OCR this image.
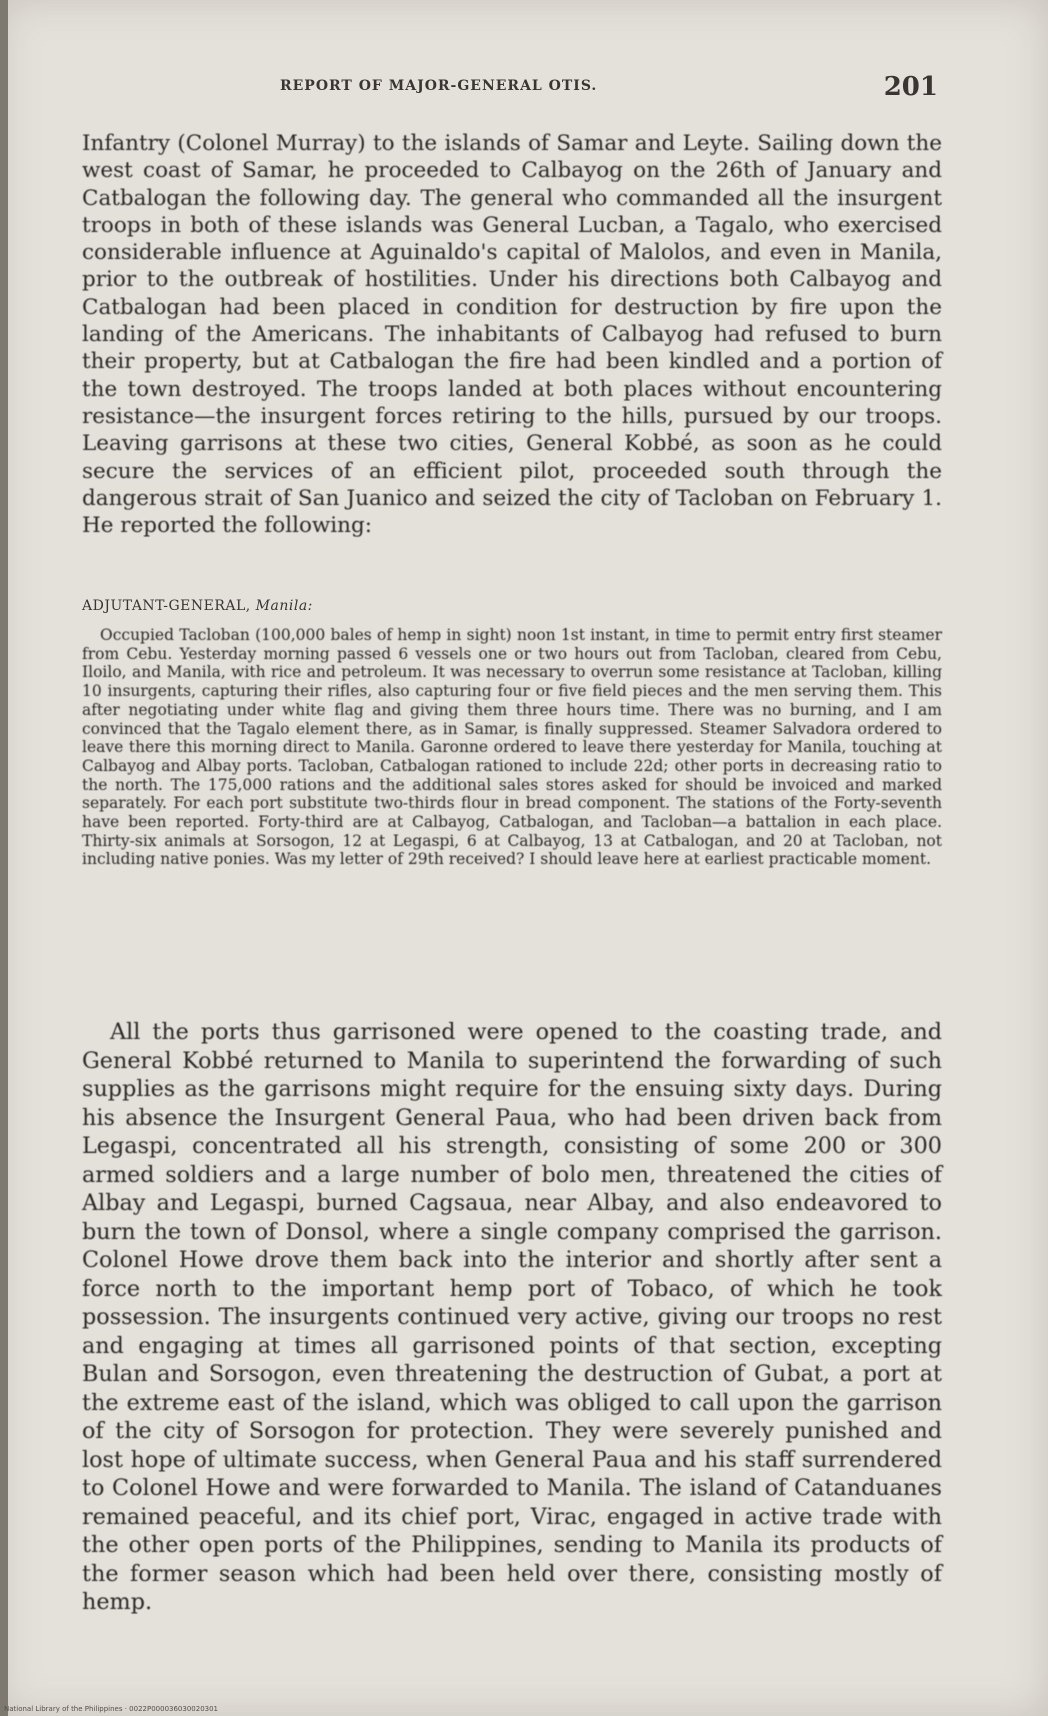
REPORT OF MAJOR-GENERAL OTIS.	201

Infantry (Colonel Murray) to the islands of Samar and Leyte. Sailing down the west coast of Samar, he proceeded to Calbayog on the 26th of January and Catbalogan the following day. The general who commanded all the insurgent troops in both of these islands was General Lucban, a Tagalo, who exercised considerable influence at Aguinaldo's capital of Malolos, and even in Manila, prior to the outbreak of hostilities. Under his directions both Calbayog and Catbalogan had been placed in condition for destruction by fire upon the landing of the Americans. The inhabitants of Calbayog had refused to burn their property, but at Catbalogan the fire had been kindled and a portion of the town destroyed. The troops landed at both places without encountering resistance—the insurgent forces retiring to the hills, pursued by our troops. Leaving garrisons at these two cities, General Kobbé, as soon as he could secure the services of an efficient pilot, proceeded south through the dangerous strait of San Juanico and seized the city of Tacloban on February 1. He reported the following:

ADJUTANT-GENERAL, Manila:

Occupied Tacloban (100,000 bales of hemp in sight) noon 1st instant, in time to permit entry first steamer from Cebu. Yesterday morning passed 6 vessels one or two hours out from Tacloban, cleared from Cebu, Iloilo, and Manila, with rice and petroleum. It was necessary to overrun some resistance at Tacloban, killing 10 insurgents, capturing their rifles, also capturing four or five field pieces and the men serving them. This after negotiating under white flag and giving them three hours time. There was no burning, and I am convinced that the Tagalo element there, as in Samar, is finally suppressed. Steamer Salvadora ordered to leave there this morning direct to Manila. Garonne ordered to leave there yesterday for Manila, touching at Calbayog and Albay ports. Tacloban, Catbalogan rationed to include 22d; other ports in decreasing ratio to the north. The 175,000 rations and the additional sales stores asked for should be invoiced and marked separately. For each port substitute two-thirds flour in bread component. The stations of the Forty-seventh have been reported. Forty-third are at Calbayog, Catbalogan, and Tacloban—a battalion in each place. Thirty-six animals at Sorsogon, 12 at Legaspi, 6 at Calbayog, 13 at Catbalogan, and 20 at Tacloban, not including native ponies. Was my letter of 29th received? I should leave here at earliest practicable moment.

All the ports thus garrisoned were opened to the coasting trade, and General Kobbé returned to Manila to superintend the forwarding of such supplies as the garrisons might require for the ensuing sixty days. During his absence the Insurgent General Paua, who had been driven back from Legaspi, concentrated all his strength, consisting of some 200 or 300 armed soldiers and a large number of bolo men, threatened the cities of Albay and Legaspi, burned Cagsaua, near Albay, and also endeavored to burn the town of Donsol, where a single company comprised the garrison. Colonel Howe drove them back into the interior and shortly after sent a force north to the important hemp port of Tobaco, of which he took possession. The insurgents continued very active, giving our troops no rest and engaging at times all garrisoned points of that section, excepting Bulan and Sorsogon, even threatening the destruction of Gubat, a port at the extreme east of the island, which was obliged to call upon the garrison of the city of Sorsogon for protection. They were severely punished and lost hope of ultimate success, when General Paua and his staff surrendered to Colonel Howe and were forwarded to Manila. The island of Catanduanes remained peaceful, and its chief port, Virac, engaged in active trade with the other open ports of the Philippines, sending to Manila its products of the former season which had been held over there, consisting mostly of hemp.

National Library of the Philippines · 0022P000036030020301
